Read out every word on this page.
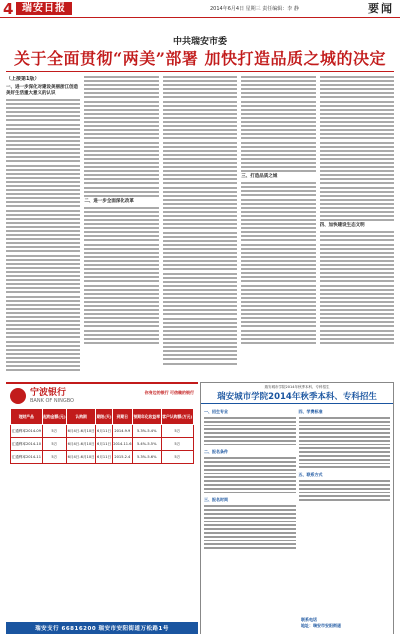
4 瑞安日报	2014年6月4日 星期三 责任编辑：李 静	要闻
中共瑞安市委
关于全面贯彻“两美”部署 加快打造品质之城的决定
（上接第1版）
一、进一步深化对建设美丽浙江创造美好生活重大意义的认识
二、进一步全面深化改革
三、打造品质之城
四、加快建设生态文明
宁波银行
BANK OF NINGBO
你身边的银行 可信赖的银行
理财产品	起购金额(元)	认购期	期限(天)	到期日	预期年化收益率	客户认购额(万元)
汇通利率2014-09	5万	6月4日-6月10日	6月11日	2014.9.9	5.3%-5.4%	5万
汇通利率2014-10	5万	6月4日-6月10日	6月11日	2014.11.6	5.4%-5.5%	5万
汇通利率2014-11	5万	6月4日-6月10日	6月11日	2015.2.4	5.3%-5.6%	5万
瑞安支行 66816200 瑞安市安阳街道万松路1号
瑞安城市学院2014年秋季本科、专科招生
瑞安城市学院2014年秋季本科、专科招生
一、招生专业
二、报名条件
三、报名时间
四、学费标准
五、联系方式
联系电话
地址：瑞安市安阳街道
